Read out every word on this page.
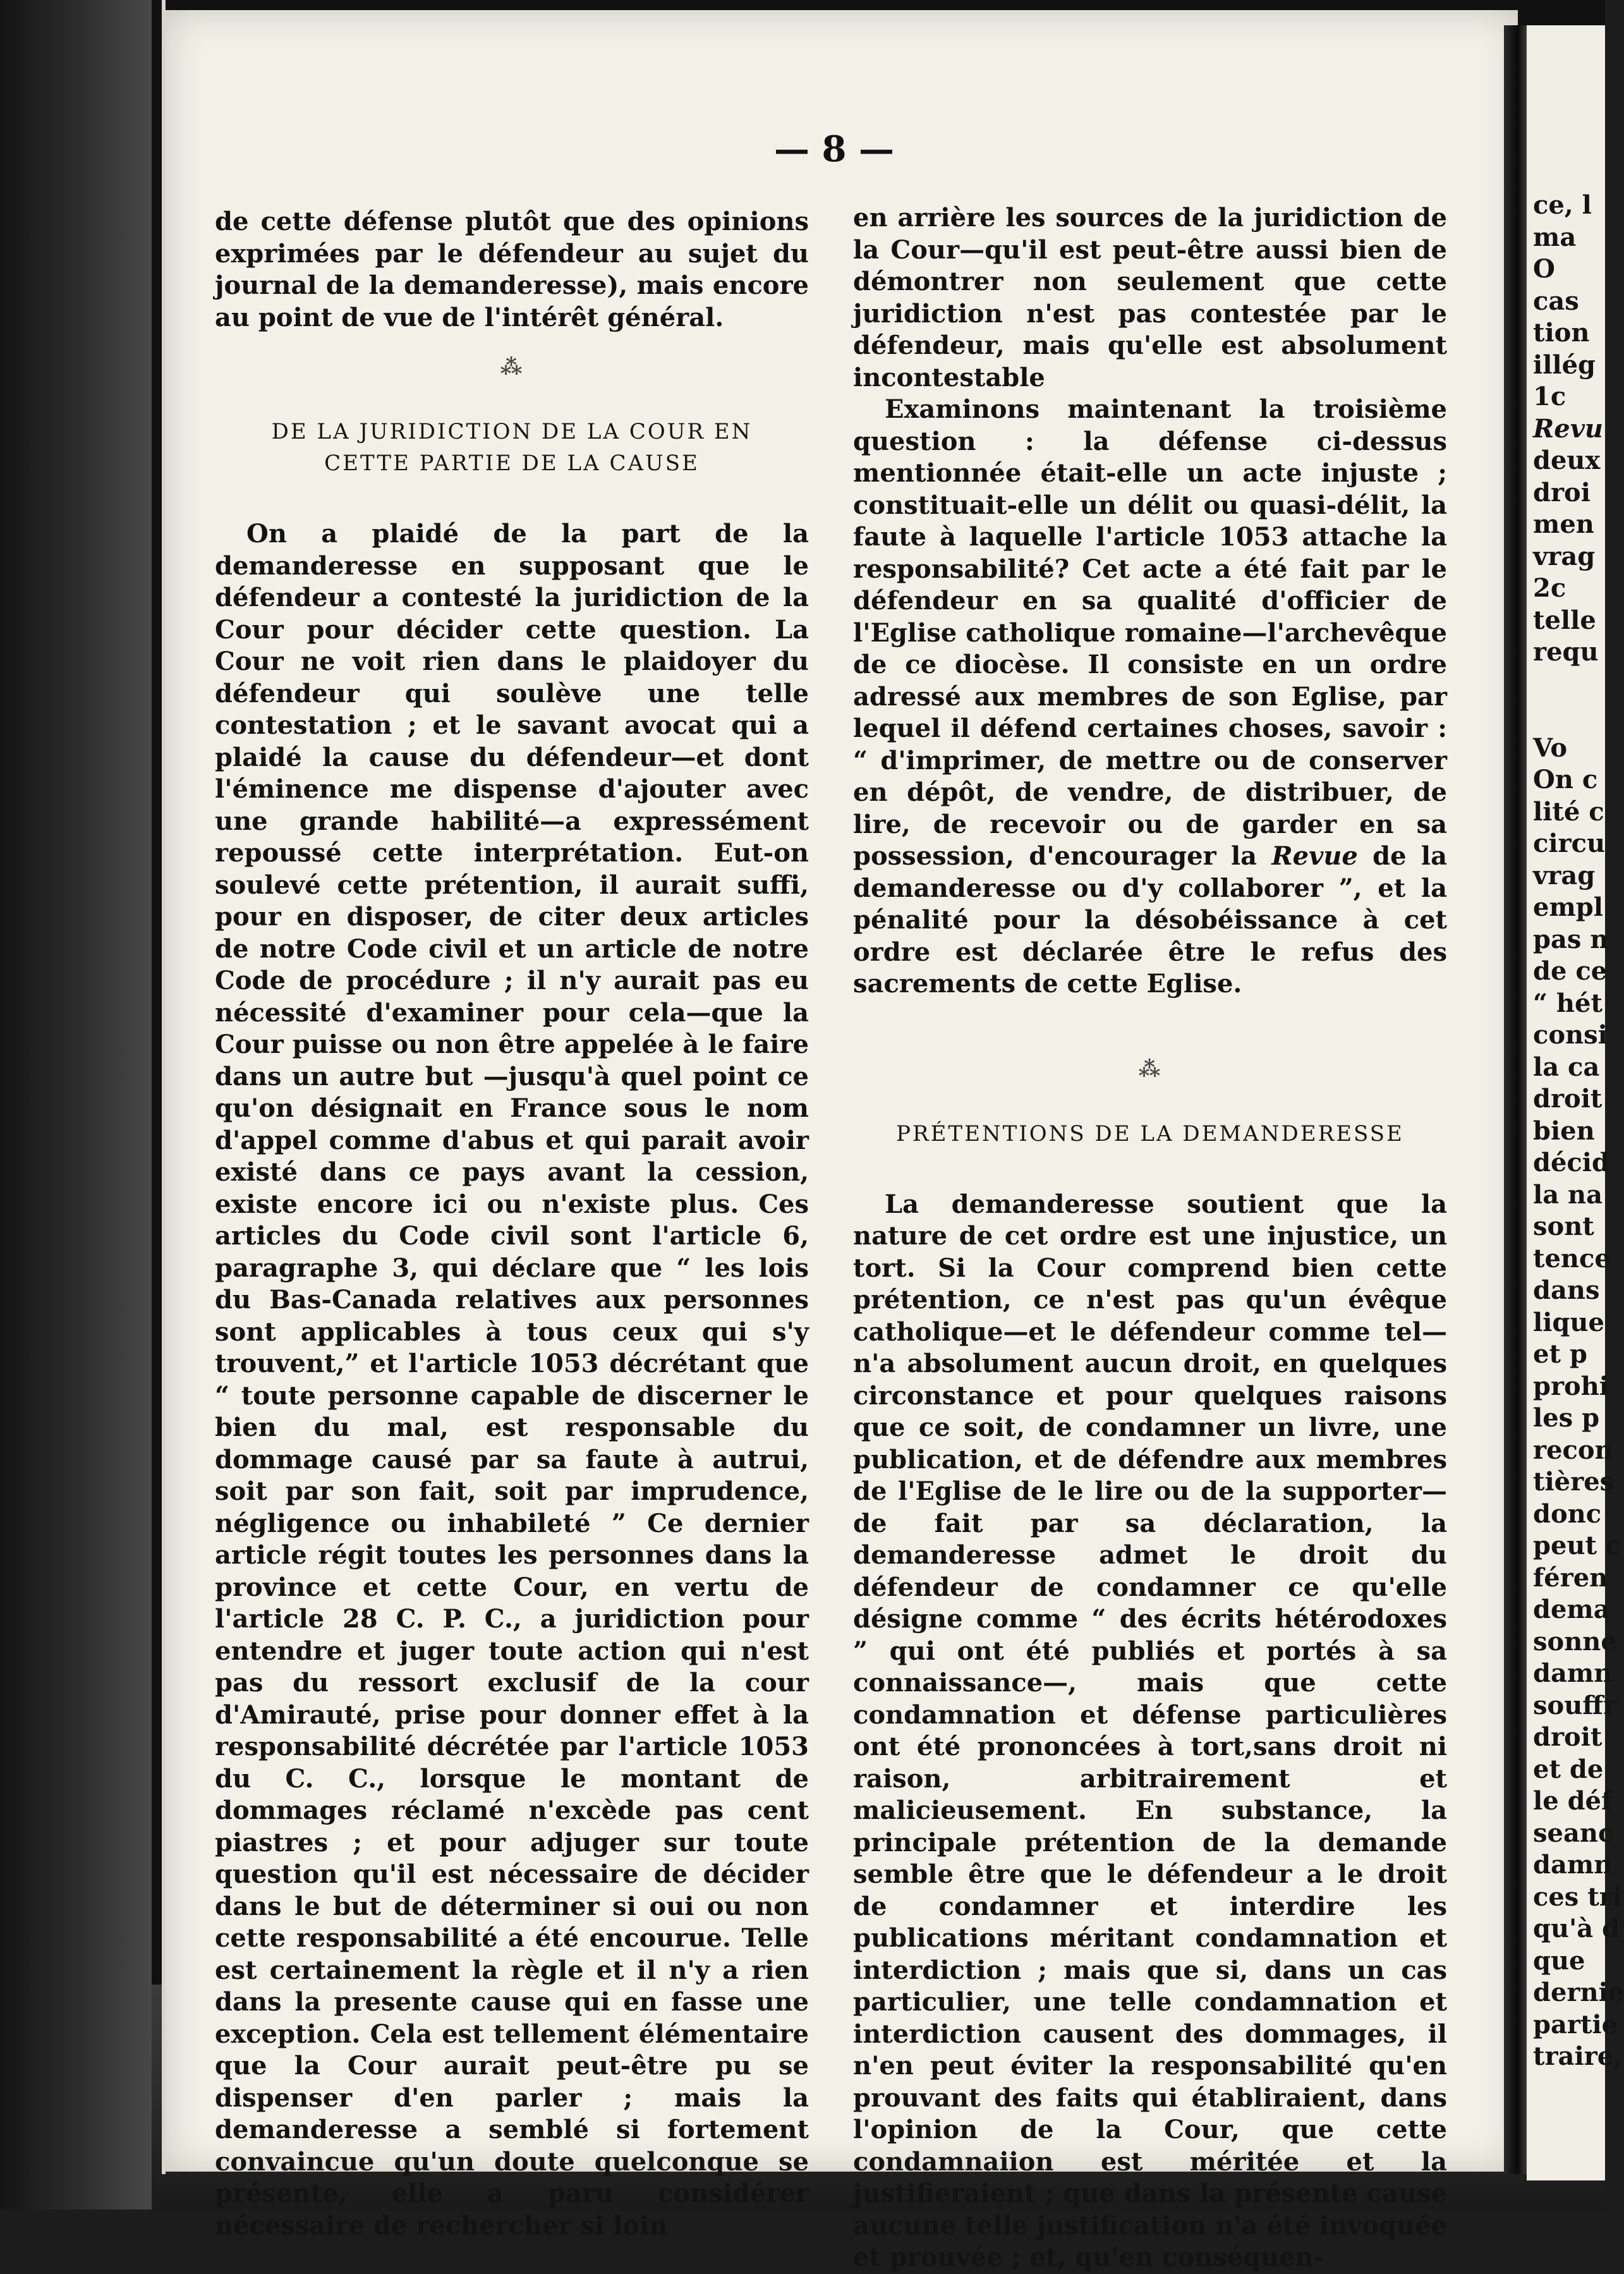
ce, l
ma
O
cas
tion
illég
1c
Revu
deux
droi
men
vrag
2c
telle
requ

Vo
On c
lité c
circu
vrag
empl
pas n
de ce
“ hét
consi
la ca
droit
bien
décid
la na
sont
tence
dans
lique
et p
prohi
les p
recon
tières
donc
peut c
féren
dema
sonne
damn
souffr
droit
et de
le déf
seanc
damn
ces tri
qu'à d
que
dernie
partie
traire,
— 8 —

de cette défense plutôt que des opinions exprimées par le défendeur au sujet du journal de la demanderesse), mais encore au point de vue de l'intérêt général.

⁂
DE LA JURIDICTION DE LA COUR EN
CETTE PARTIE DE LA CAUSE

On a plaidé de la part de la demanderesse en supposant que le défendeur a contesté la juridiction de la Cour pour décider cette question. La Cour ne voit rien dans le plaidoyer du défendeur qui soulève une telle contestation ; et le savant avocat qui a plaidé la cause du défendeur—et dont l'éminence me dispense d'ajouter avec une grande habilité—a expressément repoussé cette interprétation. Eut-on soulevé cette prétention, il aurait suffi, pour en disposer, de citer deux articles de notre Code civil et un article de notre Code de procédure ; il n'y aurait pas eu nécessité d'examiner pour cela—que la Cour puisse ou non être appelée à le faire dans un autre but —jusqu'à quel point ce qu'on désignait en France sous le nom d'appel comme d'abus et qui parait avoir existé dans ce pays avant la cession, existe encore ici ou n'existe plus. Ces articles du Code civil sont l'article 6, paragraphe 3, qui déclare que “ les lois du Bas-Canada relatives aux personnes sont applicables à tous ceux qui s'y trouvent,” et l'article 1053 décrétant que “ toute personne capable de discerner le bien du mal, est responsable du dommage causé par sa faute à autrui, soit par son fait, soit par imprudence, négligence ou inhabileté ” Ce dernier article régit toutes les personnes dans la province et cette Cour, en vertu de l'article 28 C. P. C., a juridiction pour entendre et juger toute action qui n'est pas du ressort exclusif de la cour d'Amirauté, prise pour donner effet à la responsabilité décrétée par l'article 1053 du C. C., lorsque le montant de dommages réclamé n'excède pas cent piastres ; et pour adjuger sur toute question qu'il est nécessaire de décider dans le but de déterminer si oui ou non cette responsabilité a été encourue. Telle est certainement la règle et il n'y a rien dans la presente cause qui en fasse une exception. Cela est tellement élémentaire que la Cour aurait peut-être pu se dispenser d'en parler ; mais la demanderesse a semblé si fortement convaincue qu'un doute quelconque se présente, elle a paru considérer nécessaire de rechercher si loin

en arrière les sources de la juridiction de la Cour—qu'il est peut-être aussi bien de démontrer non seulement que cette juridiction n'est pas contestée par le défendeur, mais qu'elle est absolument incontestable

Examinons maintenant la troisième question : la défense ci-dessus mentionnée était-elle un acte injuste ; constituait-elle un délit ou quasi-délit, la faute à laquelle l'article 1053 attache la responsabilité? Cet acte a été fait par le défendeur en sa qualité d'officier de l'Eglise catholique romaine—l'archevêque de ce diocèse. Il consiste en un ordre adressé aux membres de son Eglise, par lequel il défend certaines choses, savoir : “ d'imprimer, de mettre ou de conserver en dépôt, de vendre, de distribuer, de lire, de recevoir ou de garder en sa possession, d'encourager la Revue de la demanderesse ou d'y collaborer ”, et la pénalité pour la désobéissance à cet ordre est déclarée être le refus des sacrements de cette Eglise.

⁂
PRÉTENTIONS DE LA DEMANDERESSE

La demanderesse soutient que la nature de cet ordre est une injustice, un tort. Si la Cour comprend bien cette prétention, ce n'est pas qu'un évêque catholique—et le défendeur comme tel—n'a absolument aucun droit, en quelques circonstance et pour quelques raisons que ce soit, de condamner un livre, une publication, et de défendre aux membres de l'Eglise de le lire ou de la supporter—de fait par sa déclaration, la demanderesse admet le droit du défendeur de condamner ce qu'elle désigne comme “ des écrits hétérodoxes ” qui ont été publiés et portés à sa connaissance—, mais que cette condamnation et défense particulières ont été prononcées à tort,sans droit ni raison, arbitrairement et malicieusement. En substance, la principale prétention de la demande semble être que le défendeur a le droit de condamner et interdire les publications méritant condamnation et interdiction ; mais que si, dans un cas particulier, une telle condamnation et interdiction causent des dommages, il n'en peut éviter la responsabilité qu'en prouvant des faits qui établiraient, dans l'opinion de la Cour, que cette condamnaiion est méritée et la justifieraient ; que dans la présente cause aucune telle justification n'a été invoquée et prouvée ; et, qu'en conséquen-
